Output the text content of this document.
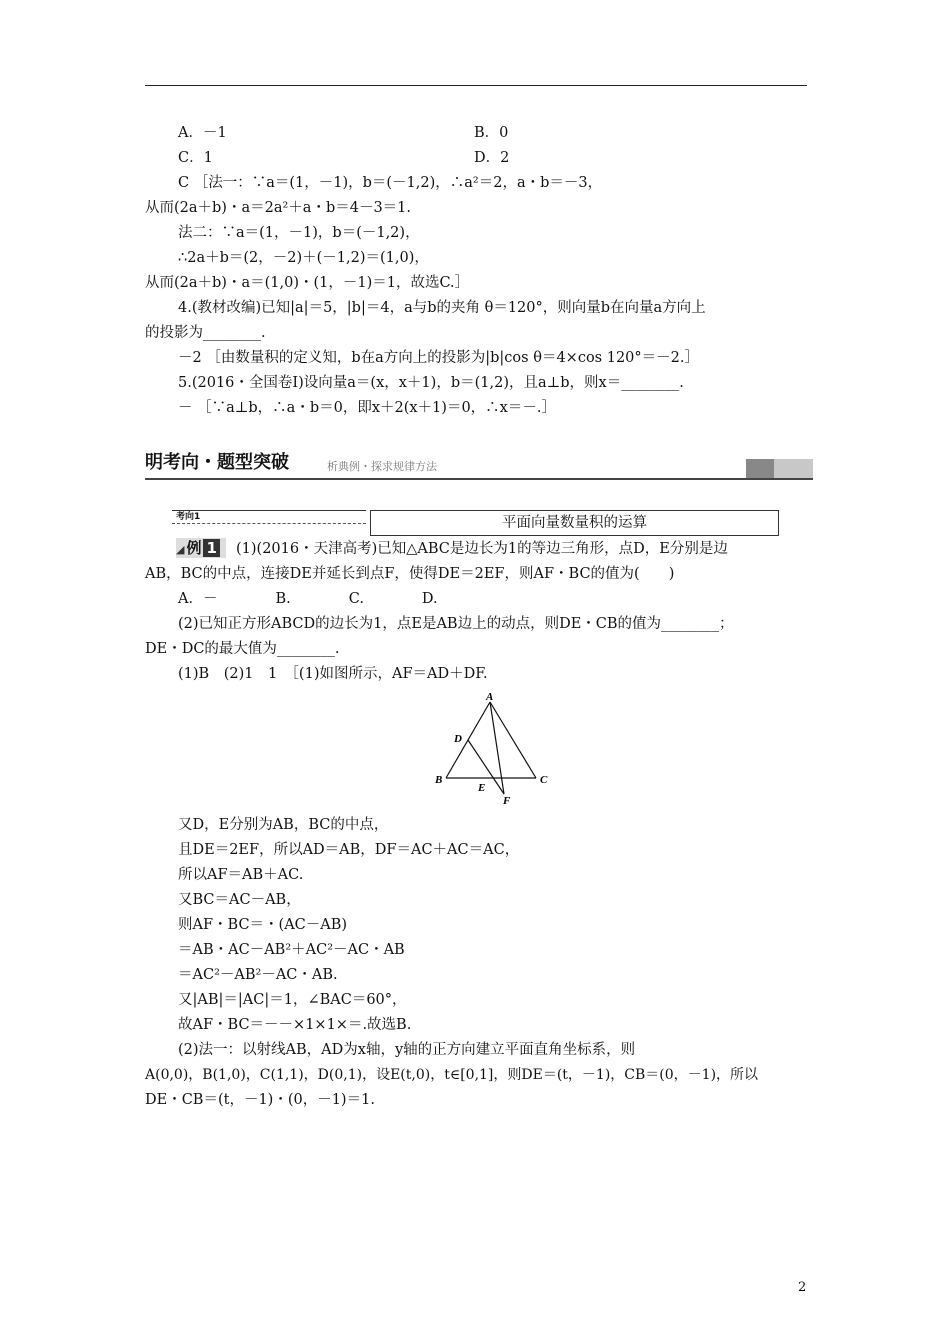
A．－1	B．0
C．1	D．2
C ［法一：∵a＝(1，－1)，b＝(－1,2)，∴a²＝2，a・b＝－3，
从而(2a＋b)・a＝2a²＋a・b＝4－3＝1.
法二：∵a＝(1，－1)，b＝(－1,2)，
∴2a＋b＝(2，－2)＋(－1,2)＝(1,0)，
从而(2a＋b)・a＝(1,0)・(1，－1)＝1，故选C.］
4.(教材改编)已知|a|＝5，|b|＝4，a与b的夹角 θ＝120°，则向量b在向量a方向上
的投影为________.
－2 ［由数量积的定义知，b在a方向上的投影为|b|cos θ＝4×cos 120°＝－2.］
5.(2016・全国卷Ⅰ)设向量a＝(x，x＋1)，b＝(1,2)，且a⊥b，则x＝________.
－ ［∵a⊥b，∴a・b＝0，即x＋2(x＋1)＝0，∴x＝－.］
明考向・题型突破	析典例・探求规律方法
考向1	平面向量数量积的运算
◢ 例 1	(1)(2016・天津高考)已知△ABC是边长为1的等边三角形，点D，E分别是边
AB，BC的中点，连接DE并延长到点F，使得DE＝2EF，则AF・BC的值为(　　)
A．－　　　　B.　　　　C.　　　　D.
(2)已知正方形ABCD的边长为1，点E是AB边上的动点，则DE・CB的值为________；
DE・DC的最大值为________.
(1)B　(2)1　1　［(1)如图所示，AF＝AD＋DF.
A
D
B
E
C
F
又D，E分别为AB，BC的中点，
且DE＝2EF，所以AD＝AB，DF＝AC＋AC＝AC，
所以AF＝AB＋AC.
又BC＝AC－AB，
则AF・BC＝・(AC－AB)
＝AB・AC－AB²＋AC²－AC・AB
＝AC²－AB²－AC・AB.
又|AB|＝|AC|＝1，∠BAC＝60°，
故AF・BC＝－－×1×1×＝.故选B.
(2)法一：以射线AB，AD为x轴，y轴的正方向建立平面直角坐标系，则
A(0,0)，B(1,0)，C(1,1)，D(0,1)，设E(t,0)，t∈[0,1]，则DE＝(t，－1)，CB＝(0，－1)，所以
DE・CB＝(t，－1)・(0，－1)＝1.
2
